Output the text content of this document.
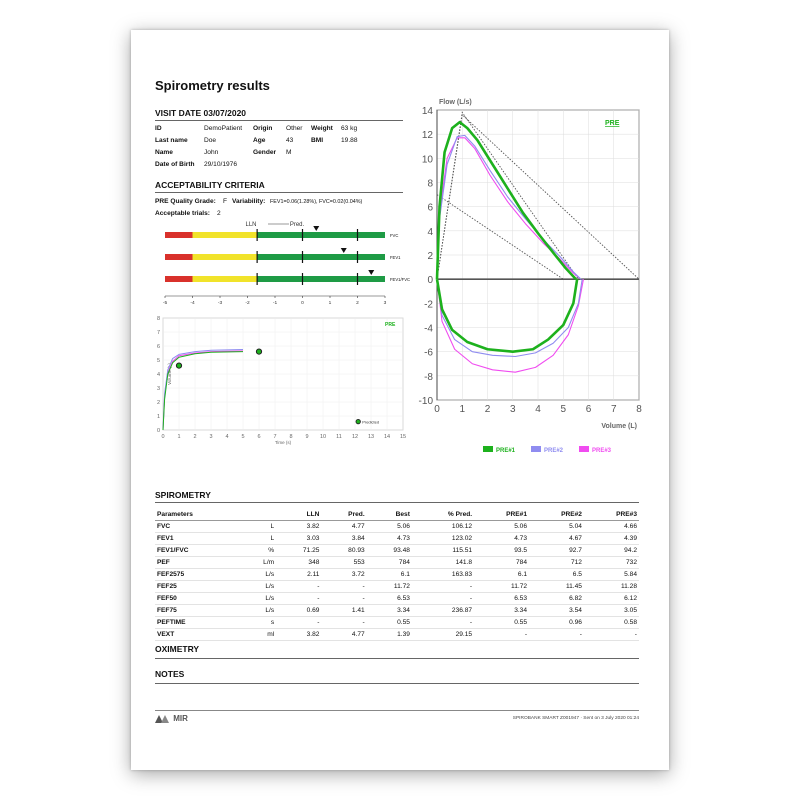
Spirometry results
VISIT DATE 03/07/2020
ID	DemoPatient Origin Other Weight 63 kg
Last name Doe	Age	43	BMI	19.88
Name	John	Gender M
Date of Birth 29/10/1976
ACCEPTABILITY CRITERIA
PRE Quality Grade: F Variability: FEV1=0.06(1.28%), FVC=0.02(0.04%)
Acceptable trials: 2
LLN	Pred.
FVC
FEV1
FEV1/FVC
-5	-4	-3	-2	-1	0	1	2	3
0 1 2 3 4 5 6 7 8
-10
-8
-6
-4
-2
0
2
4
6
8
10
12
14
Flow (L/s)
Volume (L)
PRE
PRE#1	PRE#2	PRE#3
0 1 2 3 4 5 6 7 8 9 10 11 12 13 14 15
0
1
2
3
4
5
6
7
8
Time (s)
Volume (L)
PRE
Predicted
SPIROMETRY
Parameters		LLN	Pred.	Best	% Pred.	PRE#1	PRE#2	PRE#3
FVC	L	3.82	4.77	5.06	106.12	5.06	5.04	4.66
FEV1	L	3.03	3.84	4.73	123.02	4.73	4.67	4.39
FEV1/FVC	%	71.25	80.93	93.48	115.51	93.5	92.7	94.2
PEF	L/m	348	553	784	141.8	784	712	732
FEF2575	L/s	2.11	3.72	6.1	163.83	6.1	6.5	5.84
FEF25	L/s	-	-	11.72	-	11.72	11.45	11.28
FEF50	L/s	-	-	6.53	-	6.53	6.82	6.12
FEF75	L/s	0.69	1.41	3.34	236.87	3.34	3.54	3.05
PEFTIME	s	-	-	0.55	-	0.55	0.96	0.58
VEXT	ml	3.82	4.77	1.39	29.15	-	-	-
OXIMETRY
NOTES
MIR	SPIROBANK SMART Z001947 · Sent on 3 July 2020 01:24
